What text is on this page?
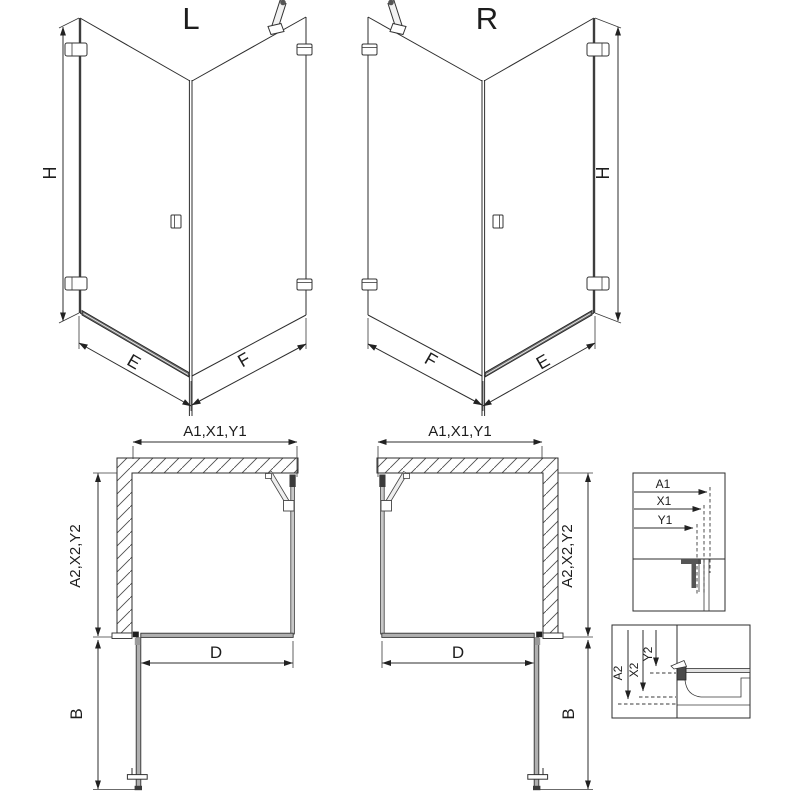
L
H
E	F
R
H
F	E
A1,X1,Y1
A2,X2,Y2
B
D
A1,X1,Y1
A2,X2,Y2
B
D
A1
X1
Y1
A2 X2
Y2
